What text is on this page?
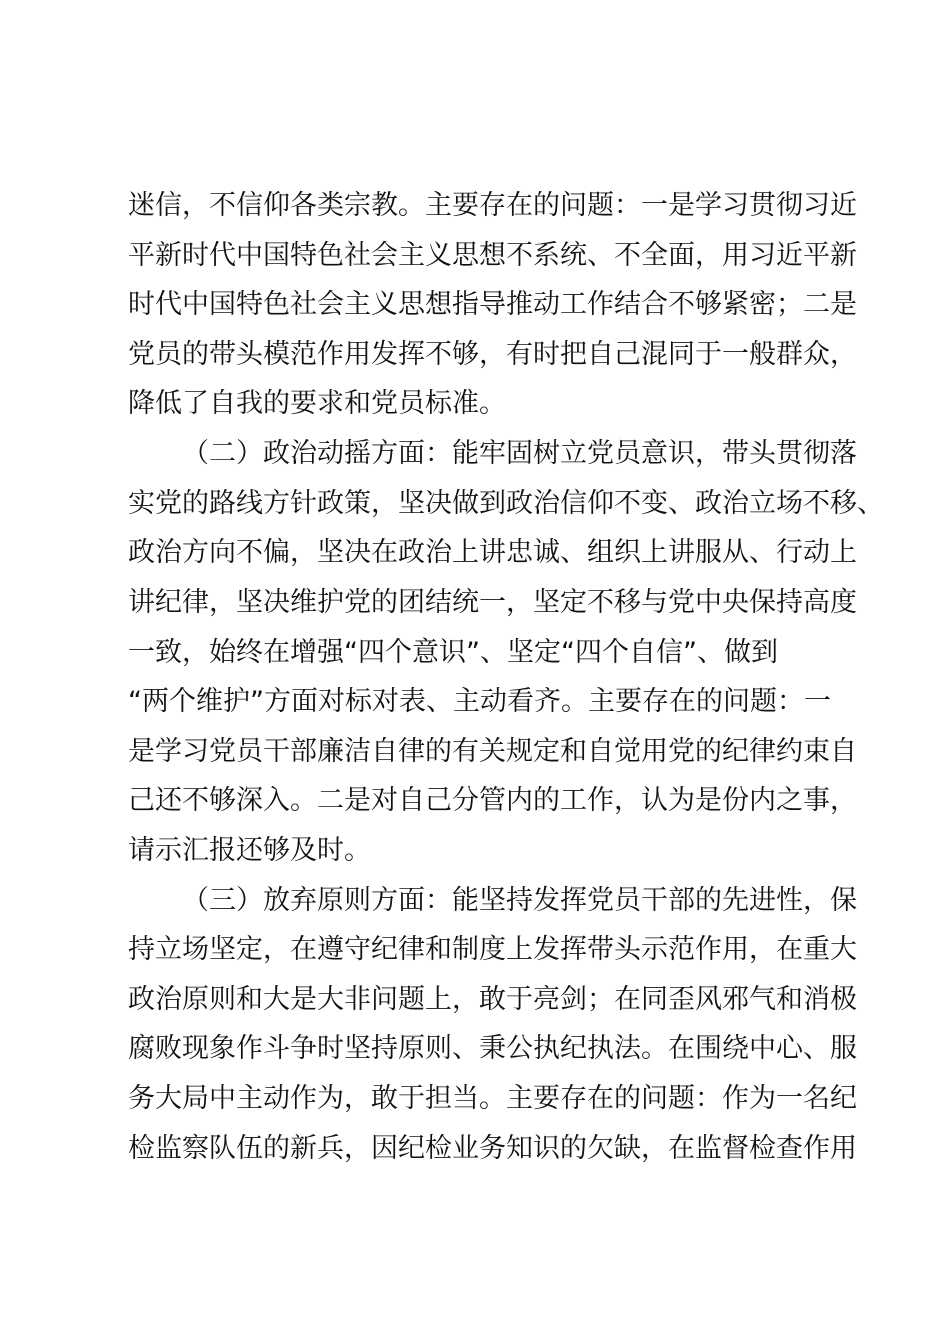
迷信，不信仰各类宗教。主要存在的问题：一是学习贯彻习近
平新时代中国特色社会主义思想不系统、不全面，用习近平新
时代中国特色社会主义思想指导推动工作结合不够紧密；二是
党员的带头模范作用发挥不够，有时把自己混同于一般群众，
降低了自我的要求和党员标准。
（二）政治动摇方面：能牢固树立党员意识，带头贯彻落
实党的路线方针政策，坚决做到政治信仰不变、政治立场不移、
政治方向不偏，坚决在政治上讲忠诚、组织上讲服从、行动上
讲纪律，坚决维护党的团结统一，坚定不移与党中央保持高度
一致，始终在增强“四个意识”、坚定“四个自信”、做到
“两个维护”方面对标对表、主动看齐。主要存在的问题：一
是学习党员干部廉洁自律的有关规定和自觉用党的纪律约束自
己还不够深入。二是对自己分管内的工作，认为是份内之事，
请示汇报还够及时。
（三）放弃原则方面：能坚持发挥党员干部的先进性，保
持立场坚定，在遵守纪律和制度上发挥带头示范作用，在重大
政治原则和大是大非问题上，敢于亮剑；在同歪风邪气和消极
腐败现象作斗争时坚持原则、秉公执纪执法。在围绕中心、服
务大局中主动作为，敢于担当。主要存在的问题：作为一名纪
检监察队伍的新兵，因纪检业务知识的欠缺，在监督检查作用
